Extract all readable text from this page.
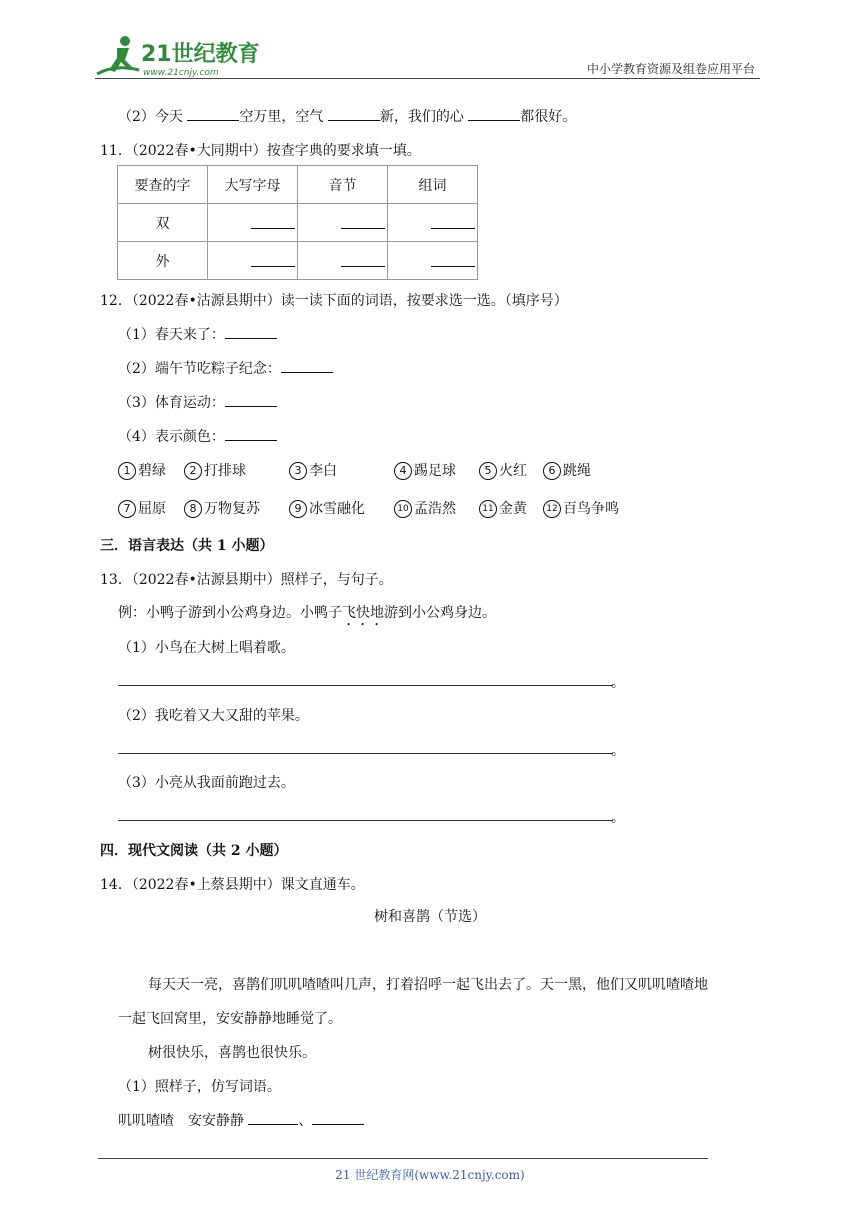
21世纪教育
www.21cnjy.com	中小学教育资源及组卷应用平台
（2）今天	空万里，空气	新，我们的心	都很好。
11．（2022春•大同期中）按查字典的要求填一填。
要查的字	大写字母	音节	组词
双			
外			
12．（2022春•沽源县期中）读一读下面的词语，按要求选一选。（填序号）
（1）春天来了：
（2）端午节吃粽子纪念：
（3）体育运动：
（4）表示颜色：
1 碧绿	2 打排球	3 李白	4 踢足球	5 火红	6 跳绳
7 屈原	8 万物复苏	9 冰雪融化	10 孟浩然	11 金黄	12 百鸟争鸣
三．语言表达（共 1 小题）
13．（2022春•沽源县期中）照样子，与句子。
例：小鸭子游到小公鸡身边。小鸭子飞快地游到小公鸡身边。
（1）小鸟在大树上唱着歌。
。
（2）我吃着又大又甜的苹果。
。
（3）小亮从我面前跑过去。
。
四．现代文阅读（共 2 小题）
14．（2022春•上蔡县期中）课文直通车。
树和喜鹊（节选）
每天天一亮，喜鹊们叽叽喳喳叫几声，打着招呼一起飞出去了。天一黑，他们又叽叽喳喳地
一起飞回窝里，安安静静地睡觉了。
树很快乐，喜鹊也很快乐。
（1）照样子，仿写词语。
叽叽喳喳　安安静静	、
21 世纪教育网(www.21cnjy.com)
